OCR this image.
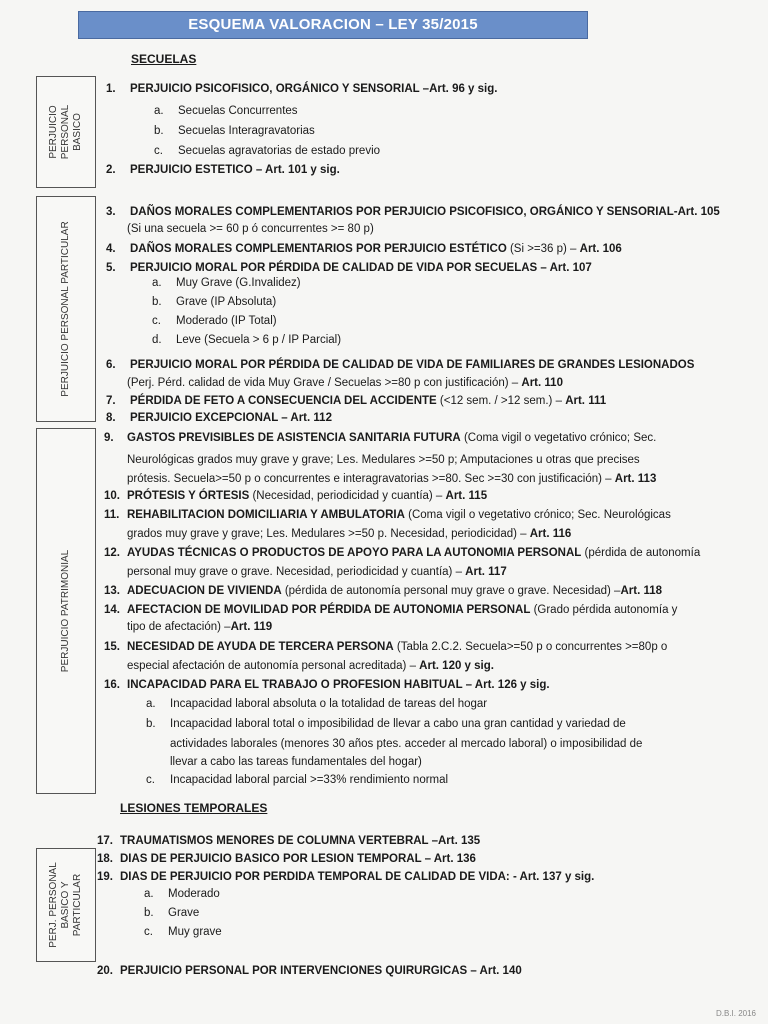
ESQUEMA VALORACION – LEY 35/2015
SECUELAS
PERJUICIO
PERSONAL
BASICO
PERJUICIO PERSONAL PARTICULAR
PERJUICIO PATRIMONIAL
PERJ. PERSONAL
BASICO Y
PARTICULAR
1. PERJUICIO PSICOFISICO, ORGÁNICO Y SENSORIAL –Art. 96 y sig.
a. Secuelas Concurrentes
b. Secuelas Interagravatorias
c. Secuelas agravatorias de estado previo
2. PERJUICIO ESTETICO – Art. 101 y sig.
3. DAÑOS MORALES COMPLEMENTARIOS POR PERJUICIO PSICOFISICO, ORGÁNICO Y SENSORIAL-Art. 105
(Si una secuela >= 60 p ó concurrentes >= 80 p)
4. DAÑOS MORALES COMPLEMENTARIOS POR PERJUICIO ESTÉTICO (Si >=36 p) – Art. 106
5. PERJUICIO MORAL POR PÉRDIDA DE CALIDAD DE VIDA POR SECUELAS – Art. 107
a. Muy Grave (G.Invalidez)
b. Grave (IP Absoluta)
c. Moderado (IP Total)
d. Leve (Secuela > 6 p / IP Parcial)
6. PERJUICIO MORAL POR PÉRDIDA DE CALIDAD DE VIDA DE FAMILIARES DE GRANDES LESIONADOS
(Perj. Pérd. calidad de vida Muy Grave / Secuelas >=80 p con justificación) – Art. 110
7. PÉRDIDA DE FETO A CONSECUENCIA DEL ACCIDENTE (<12 sem. / >12 sem.) – Art. 111
8. PERJUICIO EXCEPCIONAL – Art. 112
9. GASTOS PREVISIBLES DE ASISTENCIA SANITARIA FUTURA (Coma vigil o vegetativo crónico; Sec.
Neurológicas grados muy grave y grave; Les. Medulares >=50 p; Amputaciones u otras que precises
prótesis. Secuela>=50 p o concurrentes e interagravatorias >=80. Sec >=30 con justificación) – Art. 113
10. PRÓTESIS Y ÓRTESIS (Necesidad, periodicidad y cuantía) – Art. 115
11. REHABILITACION DOMICILIARIA Y AMBULATORIA (Coma vigil o vegetativo crónico; Sec. Neurológicas
grados muy grave y grave; Les. Medulares >=50 p. Necesidad, periodicidad) – Art. 116
12. AYUDAS TÉCNICAS O PRODUCTOS DE APOYO PARA LA AUTONOMIA PERSONAL (pérdida de autonomía
personal muy grave o grave. Necesidad, periodicidad y cuantía) – Art. 117
13. ADECUACION DE VIVIENDA (pérdida de autonomía personal muy grave o grave. Necesidad) –Art. 118
14. AFECTACION DE MOVILIDAD POR PÉRDIDA DE AUTONOMIA PERSONAL (Grado pérdida autonomía y
tipo de afectación) –Art. 119
15. NECESIDAD DE AYUDA DE TERCERA PERSONA (Tabla 2.C.2. Secuela>=50 p o concurrentes >=80p o
especial afectación de autonomía personal acreditada) – Art. 120 y sig.
16. INCAPACIDAD PARA EL TRABAJO O PROFESION HABITUAL – Art. 126 y sig.
a. Incapacidad laboral absoluta o la totalidad de tareas del hogar
b. Incapacidad laboral total o imposibilidad de llevar a cabo una gran cantidad y variedad de
actividades laborales (menores 30 años ptes. acceder al mercado laboral) o imposibilidad de
llevar a cabo las tareas fundamentales del hogar)
c. Incapacidad laboral parcial >=33% rendimiento normal
LESIONES TEMPORALES
17. TRAUMATISMOS MENORES DE COLUMNA VERTEBRAL –Art. 135
18. DIAS DE PERJUICIO BASICO POR LESION TEMPORAL – Art. 136
19. DIAS DE PERJUICIO POR PERDIDA TEMPORAL DE CALIDAD DE VIDA: - Art. 137 y sig.
a. Moderado
b. Grave
c. Muy grave
20. PERJUICIO PERSONAL POR INTERVENCIONES QUIRURGICAS – Art. 140
D.B.I. 2016
